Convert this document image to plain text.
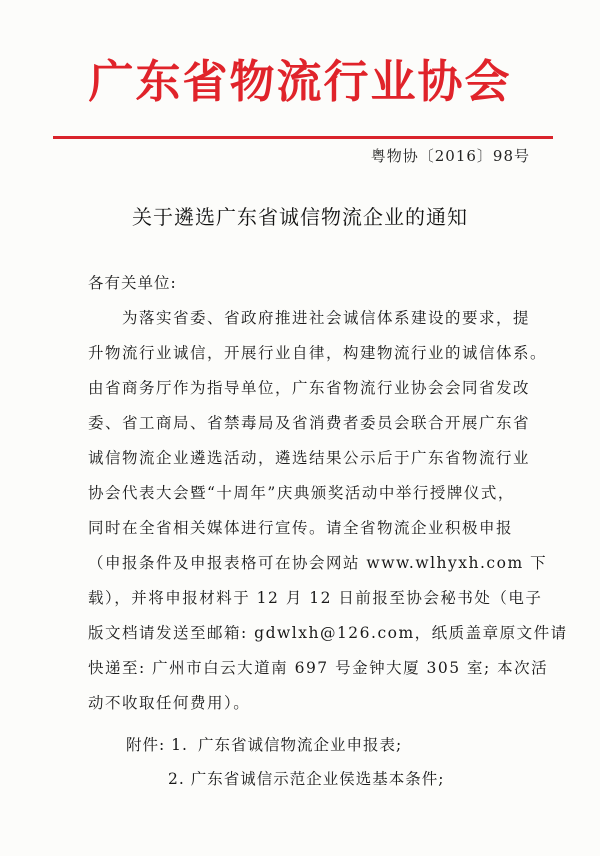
广东省物流行业协会
粤物协〔2016〕98号
关于遴选广东省诚信物流企业的通知
各有关单位:
　　为落实省委、省政府推进社会诚信体系建设的要求，提
升物流行业诚信，开展行业自律，构建物流行业的诚信体系。
由省商务厅作为指导单位，广东省物流行业协会会同省发改
委、省工商局、省禁毒局及省消费者委员会联合开展广东省
诚信物流企业遴选活动，遴选结果公示后于广东省物流行业
协会代表大会暨“十周年”庆典颁奖活动中举行授牌仪式，
同时在全省相关媒体进行宣传。请全省物流企业积极申报
（申报条件及申报表格可在协会网站 www.wlhyxh.com 下
载），并将申报材料于 12 月 12 日前报至协会秘书处（电子
版文档请发送至邮箱: gdwlxh@126.com，纸质盖章原文件请
快递至: 广州市白云大道南 697 号金钟大厦 305 室; 本次活
动不收取任何费用）。
附件: 1. 广东省诚信物流企业申报表;
2. 广东省诚信示范企业侯选基本条件;
